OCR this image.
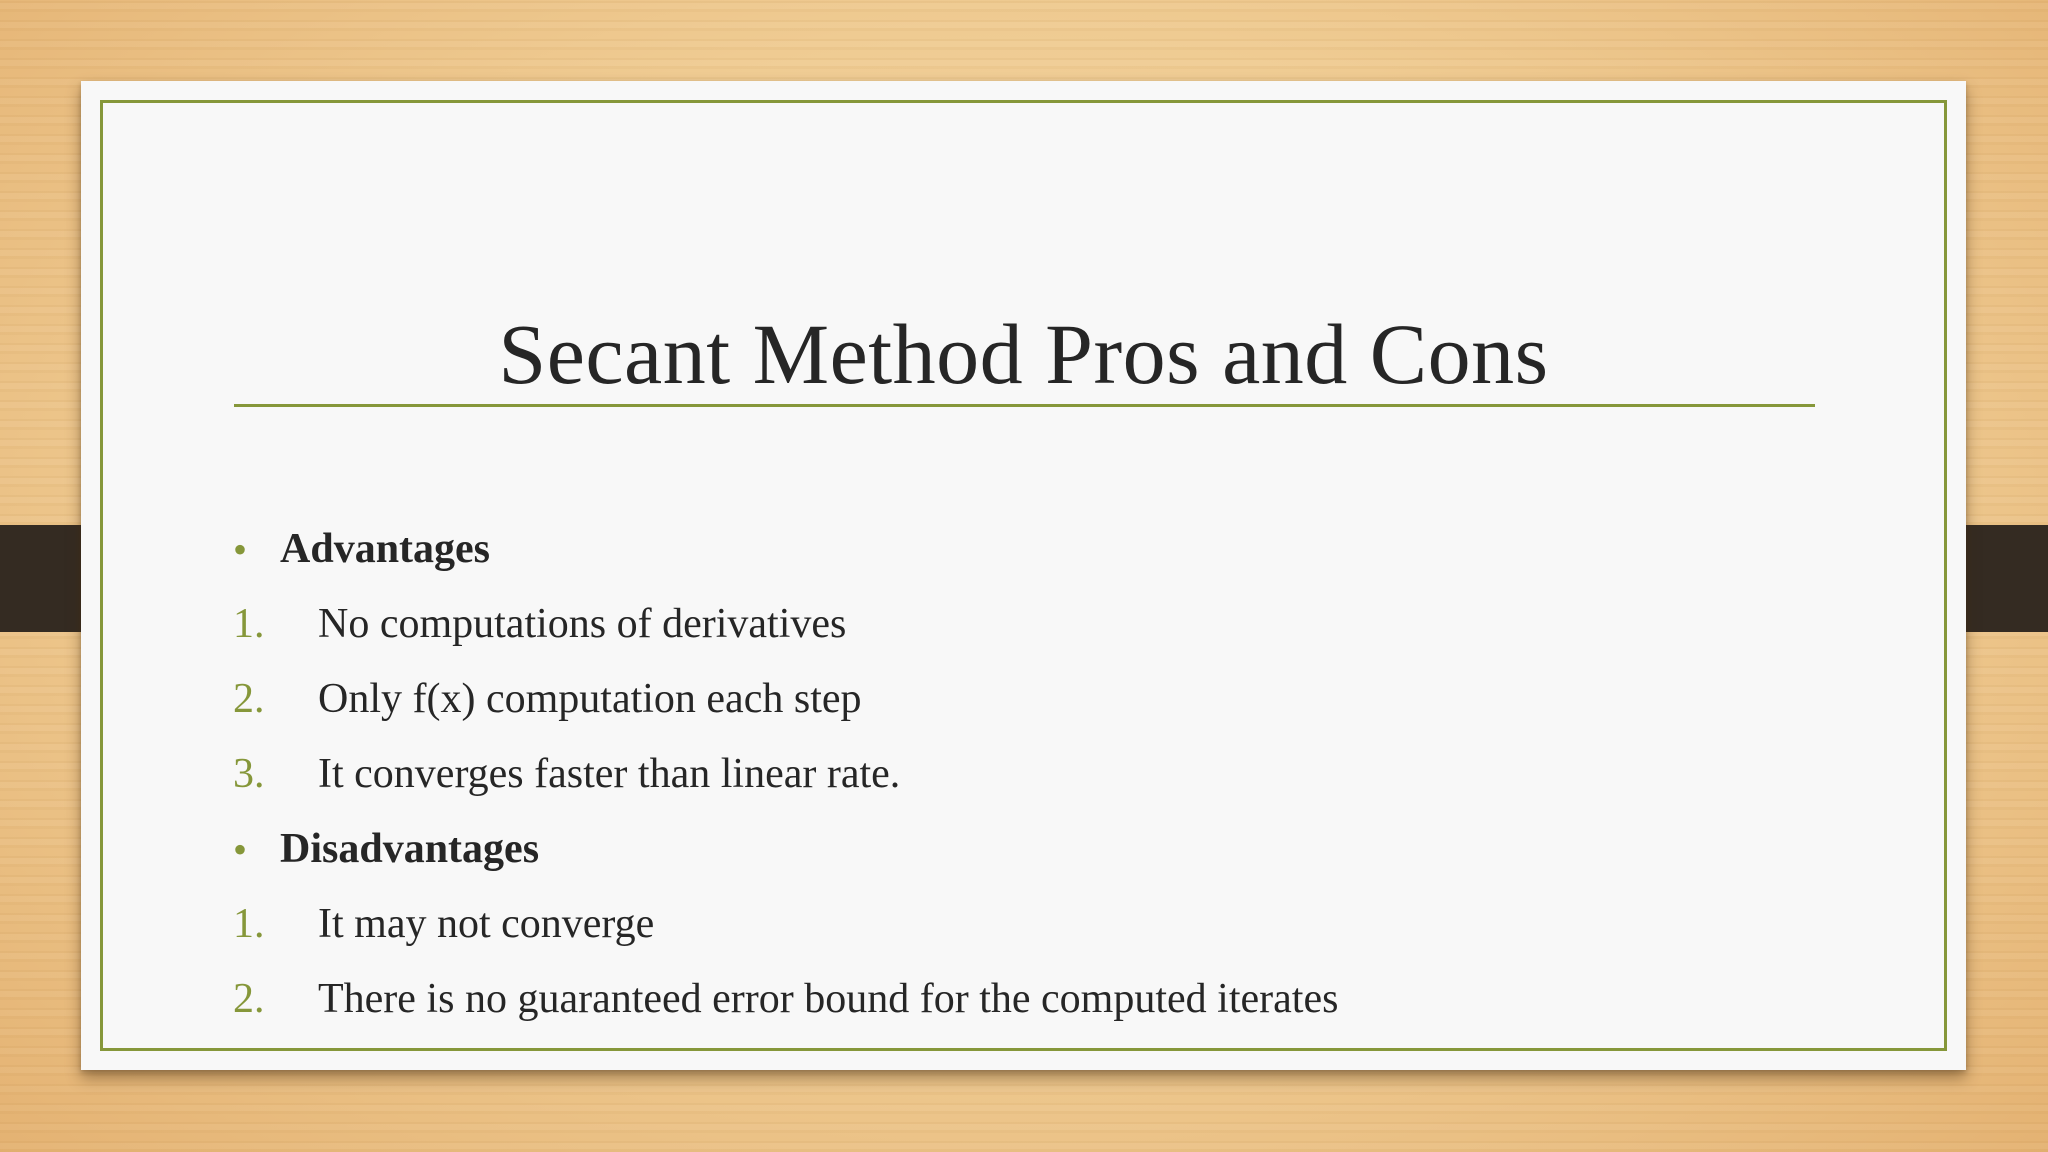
Secant Method Pros and Cons
• Advantages
1. No computations of derivatives
2. Only f(x) computation each step
3. It converges faster than linear rate.
• Disadvantages
1. It may not converge
2. There is no guaranteed error bound for the computed iterates
